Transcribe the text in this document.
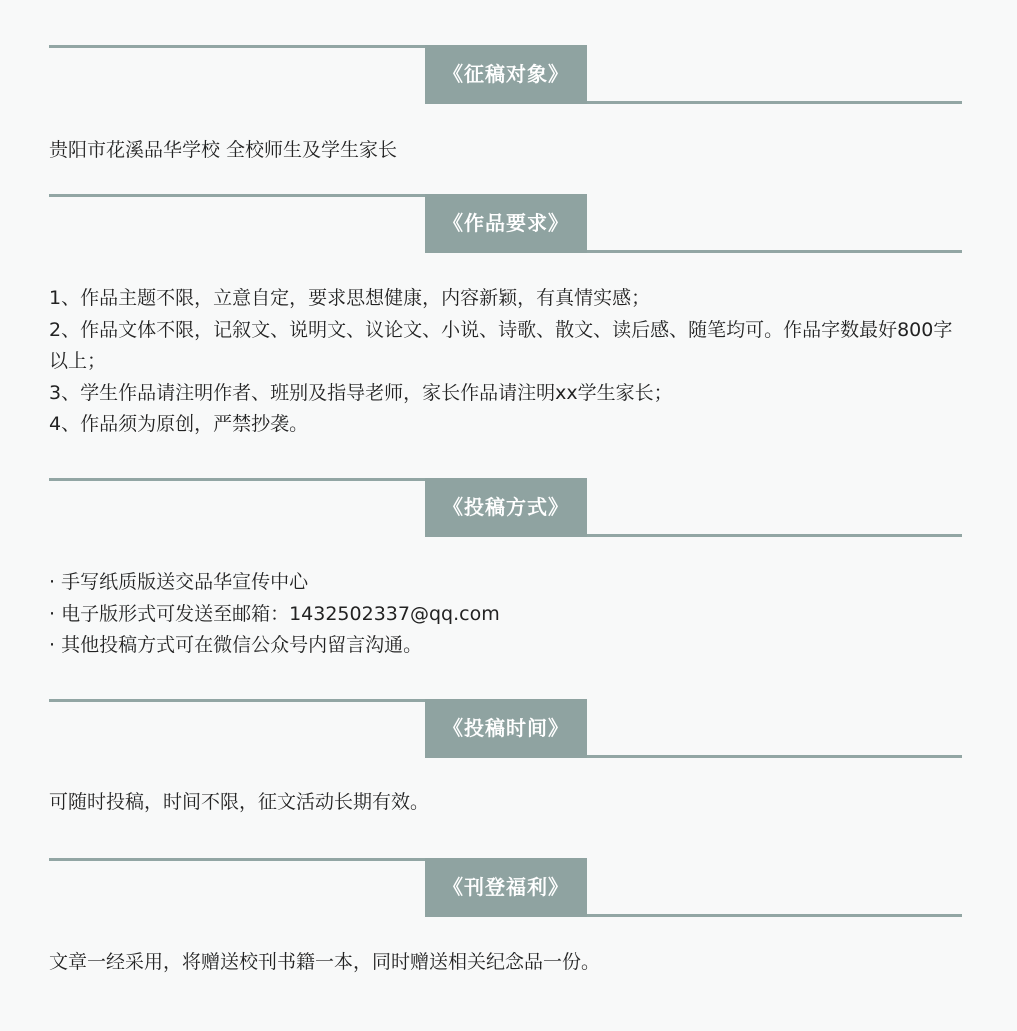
《征稿对象》

贵阳市花溪品华学校 全校师生及学生家长

《作品要求》

1、作品主题不限，立意自定，要求思想健康，内容新颖，有真情实感；

2、作品文体不限，记叙文、说明文、议论文、小说、诗歌、散文、读后感、随笔均可。作品字数最好800字以上；

3、学生作品请注明作者、班别及指导老师，家长作品请注明xx学生家长；

4、作品须为原创，严禁抄袭。

《投稿方式》

· 手写纸质版送交品华宣传中心

· 电子版形式可发送至邮箱：1432502337@qq.com

· 其他投稿方式可在微信公众号内留言沟通。

《投稿时间》

可随时投稿，时间不限，征文活动长期有效。

《刊登福利》

文章一经采用，将赠送校刊书籍一本，同时赠送相关纪念品一份。
